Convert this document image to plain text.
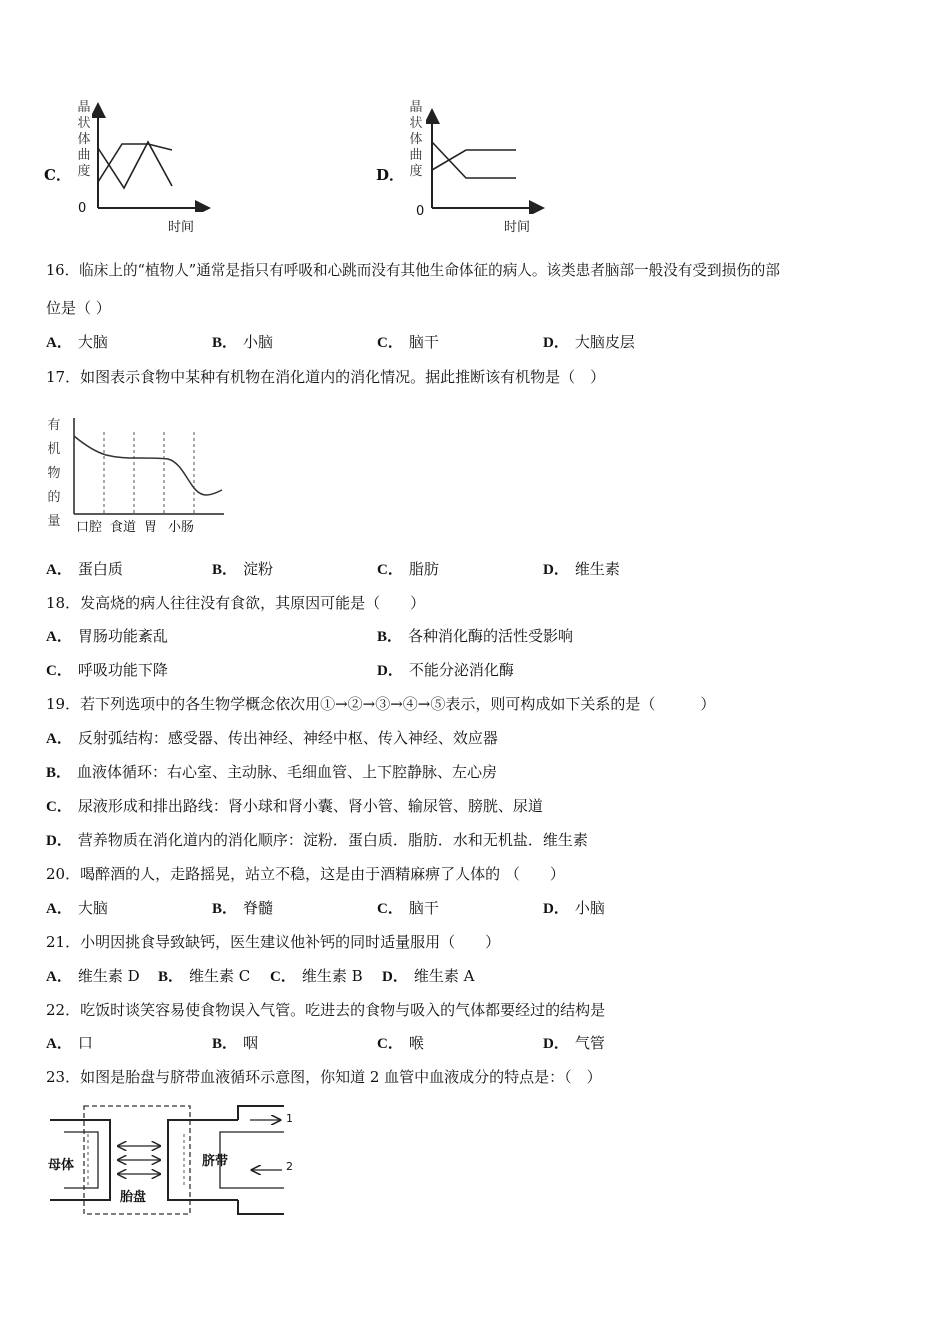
C．
晶
状
体
曲
度
0
时间
D．
晶
状
体
曲
度
0
时间
16．临床上的“植物人”通常是指只有呼吸和心跳而没有其他生命体征的病人。该类患者脑部一般没有受到损伤的部
位是（ ）
A． 大脑	B． 小脑	C． 脑干	D． 大脑皮层
17．如图表示食物中某种有机物在消化道内的消化情况。据此推断该有机物是（　）
有
机
物
的
量 口腔 食道 胃 小肠
A． 蛋白质	B． 淀粉	C． 脂肪	D． 维生素
18．发高烧的病人往往没有食欲，其原因可能是（　　）
A． 胃肠功能紊乱	B． 各种消化酶的活性受影响
C． 呼吸功能下降	D． 不能分泌消化酶
19．若下列选项中的各生物学概念依次用①→②→③→④→⑤表示，则可构成如下关系的是（　　　）
A． 反射弧结构：感受器、传出神经、神经中枢、传入神经、效应器
B． 血液体循环：右心室、主动脉、毛细血管、上下腔静脉、左心房
C． 尿液形成和排出路线：肾小球和肾小囊、肾小管、输尿管、膀胱、尿道
D． 营养物质在消化道内的消化顺序：淀粉．蛋白质．脂肪．水和无机盐．维生素
20．喝醉酒的人，走路摇晃，站立不稳，这是由于酒精麻痹了人体的 （　　）
A． 大脑	B． 脊髓	C． 脑干	D． 小脑
21．小明因挑食导致缺钙，医生建议他补钙的同时适量服用（　　）
A． 维生素 D B． 维生素 C C． 维生素 B D． 维生素 A
22．吃饭时谈笑容易使食物误入气管。吃进去的食物与吸入的气体都要经过的结构是
A． 口	B． 咽	C． 喉	D． 气管
23．如图是胎盘与脐带血液循环示意图，你知道 2 血管中血液成分的特点是：（　）
母体	脐带
胎盘
1
2
